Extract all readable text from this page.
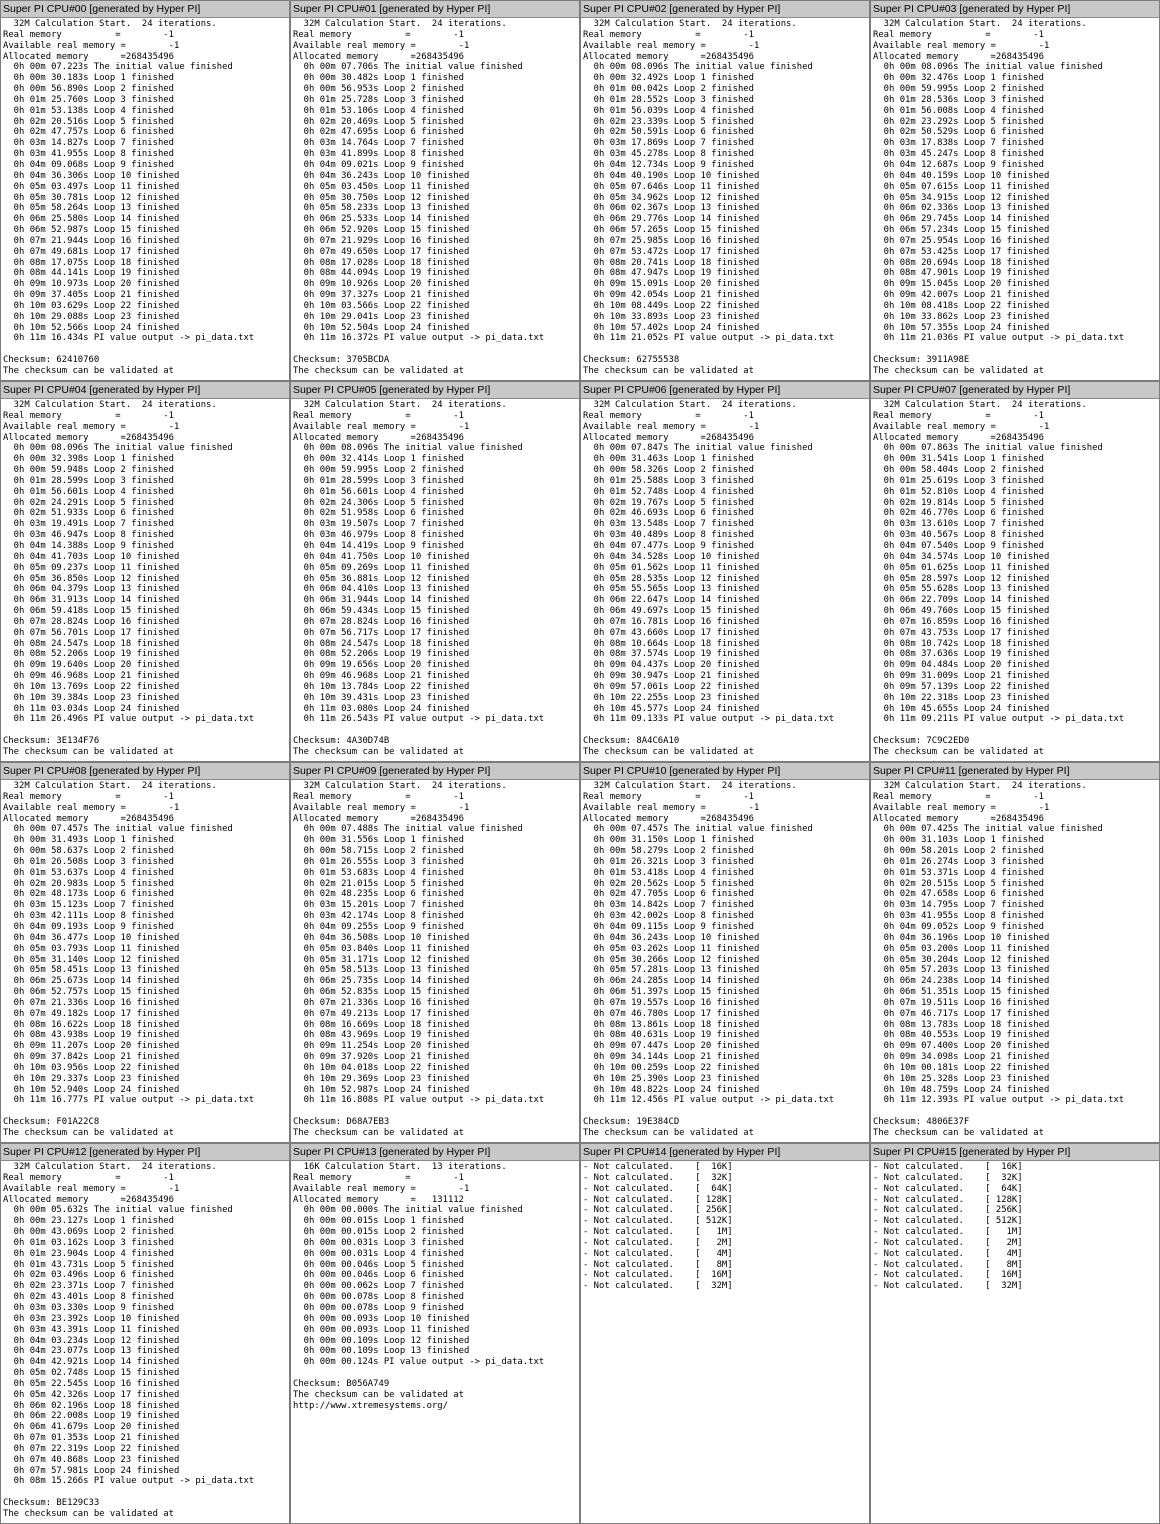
Super PI CPU#00 [generated by Hyper PI]
32M Calculation Start.  24 iterations.
Real memory          =        -1
Available real memory =        -1
Allocated memory      =268435496
0h 00m 07.223s The initial value finished
0h 00m 30.183s Loop 1 finished
0h 00m 56.890s Loop 2 finished
0h 01m 25.760s Loop 3 finished
0h 01m 53.138s Loop 4 finished
0h 02m 20.516s Loop 5 finished
0h 02m 47.757s Loop 6 finished
0h 03m 14.827s Loop 7 finished
0h 03m 41.955s Loop 8 finished
0h 04m 09.068s Loop 9 finished
0h 04m 36.306s Loop 10 finished
0h 05m 03.497s Loop 11 finished
0h 05m 30.781s Loop 12 finished
0h 05m 58.264s Loop 13 finished
0h 06m 25.580s Loop 14 finished
0h 06m 52.987s Loop 15 finished
0h 07m 21.944s Loop 16 finished
0h 07m 49.681s Loop 17 finished
0h 08m 17.075s Loop 18 finished
0h 08m 44.141s Loop 19 finished
0h 09m 10.973s Loop 20 finished
0h 09m 37.405s Loop 21 finished
0h 10m 03.629s Loop 22 finished
0h 10m 29.088s Loop 23 finished
0h 10m 52.566s Loop 24 finished
0h 11m 16.434s PI value output -> pi_data.txt
Checksum: 62410760
The checksum can be validated at
Super PI CPU#01 [generated by Hyper PI]
32M Calculation Start.  24 iterations.
Real memory          =        -1
Available real memory =        -1
Allocated memory      =268435496
0h 00m 07.706s The initial value finished
0h 00m 30.482s Loop 1 finished
0h 00m 56.953s Loop 2 finished
0h 01m 25.728s Loop 3 finished
0h 01m 53.106s Loop 4 finished
0h 02m 20.469s Loop 5 finished
0h 02m 47.695s Loop 6 finished
0h 03m 14.764s Loop 7 finished
0h 03m 41.899s Loop 8 finished
0h 04m 09.021s Loop 9 finished
0h 04m 36.243s Loop 10 finished
0h 05m 03.450s Loop 11 finished
0h 05m 30.750s Loop 12 finished
0h 05m 58.233s Loop 13 finished
0h 06m 25.533s Loop 14 finished
0h 06m 52.920s Loop 15 finished
0h 07m 21.929s Loop 16 finished
0h 07m 49.650s Loop 17 finished
0h 08m 17.028s Loop 18 finished
0h 08m 44.094s Loop 19 finished
0h 09m 10.926s Loop 20 finished
0h 09m 37.327s Loop 21 finished
0h 10m 03.566s Loop 22 finished
0h 10m 29.041s Loop 23 finished
0h 10m 52.504s Loop 24 finished
0h 11m 16.372s PI value output -> pi_data.txt
Checksum: 3705BCDA
The checksum can be validated at
Super PI CPU#02 [generated by Hyper PI]
32M Calculation Start.  24 iterations.
Real memory          =        -1
Available real memory =        -1
Allocated memory      =268435496
0h 00m 08.096s The initial value finished
0h 00m 32.492s Loop 1 finished
0h 01m 00.042s Loop 2 finished
0h 01m 28.552s Loop 3 finished
0h 01m 56.039s Loop 4 finished
0h 02m 23.339s Loop 5 finished
0h 02m 50.591s Loop 6 finished
0h 03m 17.869s Loop 7 finished
0h 03m 45.278s Loop 8 finished
0h 04m 12.734s Loop 9 finished
0h 04m 40.190s Loop 10 finished
0h 05m 07.646s Loop 11 finished
0h 05m 34.962s Loop 12 finished
0h 06m 02.367s Loop 13 finished
0h 06m 29.776s Loop 14 finished
0h 06m 57.265s Loop 15 finished
0h 07m 25.985s Loop 16 finished
0h 07m 53.472s Loop 17 finished
0h 08m 20.741s Loop 18 finished
0h 08m 47.947s Loop 19 finished
0h 09m 15.091s Loop 20 finished
0h 09m 42.054s Loop 21 finished
0h 10m 08.449s Loop 22 finished
0h 10m 33.893s Loop 23 finished
0h 10m 57.402s Loop 24 finished
0h 11m 21.052s PI value output -> pi_data.txt
Checksum: 62755538
The checksum can be validated at
Super PI CPU#03 [generated by Hyper PI]
32M Calculation Start.  24 iterations.
Real memory          =        -1
Available real memory =        -1
Allocated memory      =268435496
0h 00m 08.096s The initial value finished
0h 00m 32.476s Loop 1 finished
0h 00m 59.995s Loop 2 finished
0h 01m 28.536s Loop 3 finished
0h 01m 56.008s Loop 4 finished
0h 02m 23.292s Loop 5 finished
0h 02m 50.529s Loop 6 finished
0h 03m 17.838s Loop 7 finished
0h 03m 45.247s Loop 8 finished
0h 04m 12.687s Loop 9 finished
0h 04m 40.159s Loop 10 finished
0h 05m 07.615s Loop 11 finished
0h 05m 34.915s Loop 12 finished
0h 06m 02.336s Loop 13 finished
0h 06m 29.745s Loop 14 finished
0h 06m 57.234s Loop 15 finished
0h 07m 25.954s Loop 16 finished
0h 07m 53.425s Loop 17 finished
0h 08m 20.694s Loop 18 finished
0h 08m 47.901s Loop 19 finished
0h 09m 15.045s Loop 20 finished
0h 09m 42.007s Loop 21 finished
0h 10m 08.418s Loop 22 finished
0h 10m 33.862s Loop 23 finished
0h 10m 57.355s Loop 24 finished
0h 11m 21.036s PI value output -> pi_data.txt
Checksum: 3911A98E
The checksum can be validated at
Super PI CPU#04 [generated by Hyper PI]
32M Calculation Start.  24 iterations.
Real memory          =        -1
Available real memory =        -1
Allocated memory      =268435496
0h 00m 08.096s The initial value finished
0h 00m 32.398s Loop 1 finished
0h 00m 59.948s Loop 2 finished
0h 01m 28.599s Loop 3 finished
0h 01m 56.601s Loop 4 finished
0h 02m 24.291s Loop 5 finished
0h 02m 51.933s Loop 6 finished
0h 03m 19.491s Loop 7 finished
0h 03m 46.947s Loop 8 finished
0h 04m 14.388s Loop 9 finished
0h 04m 41.703s Loop 10 finished
0h 05m 09.237s Loop 11 finished
0h 05m 36.850s Loop 12 finished
0h 06m 04.379s Loop 13 finished
0h 06m 31.913s Loop 14 finished
0h 06m 59.418s Loop 15 finished
0h 07m 28.824s Loop 16 finished
0h 07m 56.701s Loop 17 finished
0h 08m 24.547s Loop 18 finished
0h 08m 52.206s Loop 19 finished
0h 09m 19.640s Loop 20 finished
0h 09m 46.968s Loop 21 finished
0h 10m 13.769s Loop 22 finished
0h 10m 39.384s Loop 23 finished
0h 11m 03.034s Loop 24 finished
0h 11m 26.496s PI value output -> pi_data.txt
Checksum: 3E134F76
The checksum can be validated at
Super PI CPU#05 [generated by Hyper PI]
32M Calculation Start.  24 iterations.
Real memory          =        -1
Available real memory =        -1
Allocated memory      =268435496
0h 00m 08.096s The initial value finished
0h 00m 32.414s Loop 1 finished
0h 00m 59.995s Loop 2 finished
0h 01m 28.599s Loop 3 finished
0h 01m 56.601s Loop 4 finished
0h 02m 24.306s Loop 5 finished
0h 02m 51.958s Loop 6 finished
0h 03m 19.507s Loop 7 finished
0h 03m 46.979s Loop 8 finished
0h 04m 14.419s Loop 9 finished
0h 04m 41.750s Loop 10 finished
0h 05m 09.269s Loop 11 finished
0h 05m 36.881s Loop 12 finished
0h 06m 04.410s Loop 13 finished
0h 06m 31.944s Loop 14 finished
0h 06m 59.434s Loop 15 finished
0h 07m 28.824s Loop 16 finished
0h 07m 56.717s Loop 17 finished
0h 08m 24.547s Loop 18 finished
0h 08m 52.206s Loop 19 finished
0h 09m 19.656s Loop 20 finished
0h 09m 46.968s Loop 21 finished
0h 10m 13.784s Loop 22 finished
0h 10m 39.431s Loop 23 finished
0h 11m 03.080s Loop 24 finished
0h 11m 26.543s PI value output -> pi_data.txt
Checksum: 4A30D74B
The checksum can be validated at
Super PI CPU#06 [generated by Hyper PI]
32M Calculation Start.  24 iterations.
Real memory          =        -1
Available real memory =        -1
Allocated memory      =268435496
0h 00m 07.847s The initial value finished
0h 00m 31.463s Loop 1 finished
0h 00m 58.326s Loop 2 finished
0h 01m 25.588s Loop 3 finished
0h 01m 52.748s Loop 4 finished
0h 02m 19.767s Loop 5 finished
0h 02m 46.693s Loop 6 finished
0h 03m 13.548s Loop 7 finished
0h 03m 40.489s Loop 8 finished
0h 04m 07.477s Loop 9 finished
0h 04m 34.528s Loop 10 finished
0h 05m 01.562s Loop 11 finished
0h 05m 28.535s Loop 12 finished
0h 05m 55.565s Loop 13 finished
0h 06m 22.647s Loop 14 finished
0h 06m 49.697s Loop 15 finished
0h 07m 16.781s Loop 16 finished
0h 07m 43.660s Loop 17 finished
0h 08m 10.664s Loop 18 finished
0h 08m 37.574s Loop 19 finished
0h 09m 04.437s Loop 20 finished
0h 09m 30.947s Loop 21 finished
0h 09m 57.061s Loop 22 finished
0h 10m 22.255s Loop 23 finished
0h 10m 45.577s Loop 24 finished
0h 11m 09.133s PI value output -> pi_data.txt
Checksum: 8A4C6A10
The checksum can be validated at
Super PI CPU#07 [generated by Hyper PI]
32M Calculation Start.  24 iterations.
Real memory          =        -1
Available real memory =        -1
Allocated memory      =268435496
0h 00m 07.863s The initial value finished
0h 00m 31.541s Loop 1 finished
0h 00m 58.404s Loop 2 finished
0h 01m 25.619s Loop 3 finished
0h 01m 52.810s Loop 4 finished
0h 02m 19.814s Loop 5 finished
0h 02m 46.770s Loop 6 finished
0h 03m 13.610s Loop 7 finished
0h 03m 40.567s Loop 8 finished
0h 04m 07.540s Loop 9 finished
0h 04m 34.574s Loop 10 finished
0h 05m 01.625s Loop 11 finished
0h 05m 28.597s Loop 12 finished
0h 05m 55.628s Loop 13 finished
0h 06m 22.709s Loop 14 finished
0h 06m 49.760s Loop 15 finished
0h 07m 16.859s Loop 16 finished
0h 07m 43.753s Loop 17 finished
0h 08m 10.742s Loop 18 finished
0h 08m 37.636s Loop 19 finished
0h 09m 04.484s Loop 20 finished
0h 09m 31.009s Loop 21 finished
0h 09m 57.139s Loop 22 finished
0h 10m 22.318s Loop 23 finished
0h 10m 45.655s Loop 24 finished
0h 11m 09.211s PI value output -> pi_data.txt
Checksum: 7C9C2ED0
The checksum can be validated at
Super PI CPU#08 [generated by Hyper PI]
32M Calculation Start.  24 iterations.
Real memory          =        -1
Available real memory =        -1
Allocated memory      =268435496
0h 00m 07.457s The initial value finished
0h 00m 31.493s Loop 1 finished
0h 00m 58.637s Loop 2 finished
0h 01m 26.508s Loop 3 finished
0h 01m 53.637s Loop 4 finished
0h 02m 20.983s Loop 5 finished
0h 02m 48.173s Loop 6 finished
0h 03m 15.123s Loop 7 finished
0h 03m 42.111s Loop 8 finished
0h 04m 09.193s Loop 9 finished
0h 04m 36.477s Loop 10 finished
0h 05m 03.793s Loop 11 finished
0h 05m 31.140s Loop 12 finished
0h 05m 58.451s Loop 13 finished
0h 06m 25.673s Loop 14 finished
0h 06m 52.757s Loop 15 finished
0h 07m 21.336s Loop 16 finished
0h 07m 49.182s Loop 17 finished
0h 08m 16.622s Loop 18 finished
0h 08m 43.938s Loop 19 finished
0h 09m 11.207s Loop 20 finished
0h 09m 37.842s Loop 21 finished
0h 10m 03.956s Loop 22 finished
0h 10m 29.337s Loop 23 finished
0h 10m 52.940s Loop 24 finished
0h 11m 16.777s PI value output -> pi_data.txt
Checksum: F01A22C8
The checksum can be validated at
Super PI CPU#09 [generated by Hyper PI]
32M Calculation Start.  24 iterations.
Real memory          =        -1
Available real memory =        -1
Allocated memory      =268435496
0h 00m 07.488s The initial value finished
0h 00m 31.556s Loop 1 finished
0h 00m 58.715s Loop 2 finished
0h 01m 26.555s Loop 3 finished
0h 01m 53.683s Loop 4 finished
0h 02m 21.015s Loop 5 finished
0h 02m 48.235s Loop 6 finished
0h 03m 15.201s Loop 7 finished
0h 03m 42.174s Loop 8 finished
0h 04m 09.255s Loop 9 finished
0h 04m 36.508s Loop 10 finished
0h 05m 03.840s Loop 11 finished
0h 05m 31.171s Loop 12 finished
0h 05m 58.513s Loop 13 finished
0h 06m 25.735s Loop 14 finished
0h 06m 52.835s Loop 15 finished
0h 07m 21.336s Loop 16 finished
0h 07m 49.213s Loop 17 finished
0h 08m 16.669s Loop 18 finished
0h 08m 43.969s Loop 19 finished
0h 09m 11.254s Loop 20 finished
0h 09m 37.920s Loop 21 finished
0h 10m 04.018s Loop 22 finished
0h 10m 29.369s Loop 23 finished
0h 10m 52.987s Loop 24 finished
0h 11m 16.808s PI value output -> pi_data.txt
Checksum: D68A7EB3
The checksum can be validated at
Super PI CPU#10 [generated by Hyper PI]
32M Calculation Start.  24 iterations.
Real memory          =        -1
Available real memory =        -1
Allocated memory      =268435496
0h 00m 07.457s The initial value finished
0h 00m 31.150s Loop 1 finished
0h 00m 58.279s Loop 2 finished
0h 01m 26.321s Loop 3 finished
0h 01m 53.418s Loop 4 finished
0h 02m 20.562s Loop 5 finished
0h 02m 47.705s Loop 6 finished
0h 03m 14.842s Loop 7 finished
0h 03m 42.002s Loop 8 finished
0h 04m 09.115s Loop 9 finished
0h 04m 36.243s Loop 10 finished
0h 05m 03.262s Loop 11 finished
0h 05m 30.266s Loop 12 finished
0h 05m 57.281s Loop 13 finished
0h 06m 24.285s Loop 14 finished
0h 06m 51.397s Loop 15 finished
0h 07m 19.557s Loop 16 finished
0h 07m 46.780s Loop 17 finished
0h 08m 13.861s Loop 18 finished
0h 08m 40.631s Loop 19 finished
0h 09m 07.447s Loop 20 finished
0h 09m 34.144s Loop 21 finished
0h 10m 00.259s Loop 22 finished
0h 10m 25.390s Loop 23 finished
0h 10m 48.822s Loop 24 finished
0h 11m 12.456s PI value output -> pi_data.txt
Checksum: 19E384CD
The checksum can be validated at
Super PI CPU#11 [generated by Hyper PI]
32M Calculation Start.  24 iterations.
Real memory          =        -1
Available real memory =        -1
Allocated memory      =268435496
0h 00m 07.425s The initial value finished
0h 00m 31.103s Loop 1 finished
0h 00m 58.201s Loop 2 finished
0h 01m 26.274s Loop 3 finished
0h 01m 53.371s Loop 4 finished
0h 02m 20.515s Loop 5 finished
0h 02m 47.658s Loop 6 finished
0h 03m 14.795s Loop 7 finished
0h 03m 41.955s Loop 8 finished
0h 04m 09.052s Loop 9 finished
0h 04m 36.196s Loop 10 finished
0h 05m 03.200s Loop 11 finished
0h 05m 30.204s Loop 12 finished
0h 05m 57.203s Loop 13 finished
0h 06m 24.238s Loop 14 finished
0h 06m 51.351s Loop 15 finished
0h 07m 19.511s Loop 16 finished
0h 07m 46.717s Loop 17 finished
0h 08m 13.783s Loop 18 finished
0h 08m 40.553s Loop 19 finished
0h 09m 07.400s Loop 20 finished
0h 09m 34.098s Loop 21 finished
0h 10m 00.181s Loop 22 finished
0h 10m 25.328s Loop 23 finished
0h 10m 48.759s Loop 24 finished
0h 11m 12.393s PI value output -> pi_data.txt
Checksum: 4806E37F
The checksum can be validated at
Super PI CPU#12 [generated by Hyper PI]
32M Calculation Start.  24 iterations.
Real memory          =        -1
Available real memory =        -1
Allocated memory      =268435496
0h 00m 05.632s The initial value finished
0h 00m 23.127s Loop 1 finished
0h 00m 43.069s Loop 2 finished
0h 01m 03.162s Loop 3 finished
0h 01m 23.904s Loop 4 finished
0h 01m 43.731s Loop 5 finished
0h 02m 03.496s Loop 6 finished
0h 02m 23.371s Loop 7 finished
0h 02m 43.401s Loop 8 finished
0h 03m 03.330s Loop 9 finished
0h 03m 23.392s Loop 10 finished
0h 03m 43.391s Loop 11 finished
0h 04m 03.234s Loop 12 finished
0h 04m 23.077s Loop 13 finished
0h 04m 42.921s Loop 14 finished
0h 05m 02.748s Loop 15 finished
0h 05m 22.545s Loop 16 finished
0h 05m 42.326s Loop 17 finished
0h 06m 02.196s Loop 18 finished
0h 06m 22.008s Loop 19 finished
0h 06m 41.679s Loop 20 finished
0h 07m 01.353s Loop 21 finished
0h 07m 22.319s Loop 22 finished
0h 07m 40.868s Loop 23 finished
0h 07m 57.981s Loop 24 finished
0h 08m 15.266s PI value output -> pi_data.txt
Checksum: BE129C33
The checksum can be validated at
Super PI CPU#13 [generated by Hyper PI]
16K Calculation Start.  13 iterations.
Real memory          =        -1
Available real memory =        -1
Allocated memory      =   131112
0h 00m 00.000s The initial value finished
0h 00m 00.015s Loop 1 finished
0h 00m 00.015s Loop 2 finished
0h 00m 00.031s Loop 3 finished
0h 00m 00.031s Loop 4 finished
0h 00m 00.046s Loop 5 finished
0h 00m 00.046s Loop 6 finished
0h 00m 00.062s Loop 7 finished
0h 00m 00.078s Loop 8 finished
0h 00m 00.078s Loop 9 finished
0h 00m 00.093s Loop 10 finished
0h 00m 00.093s Loop 11 finished
0h 00m 00.109s Loop 12 finished
0h 00m 00.109s Loop 13 finished
0h 00m 00.124s PI value output -> pi_data.txt
Checksum: B056A749
The checksum can be validated at
http://www.xtremesystems.org/
Super PI CPU#14 [generated by Hyper PI]
- Not calculated.    [  16K]
- Not calculated.    [  32K]
- Not calculated.    [  64K]
- Not calculated.    [ 128K]
- Not calculated.    [ 256K]
- Not calculated.    [ 512K]
- Not calculated.    [   1M]
- Not calculated.    [   2M]
- Not calculated.    [   4M]
- Not calculated.    [   8M]
- Not calculated.    [  16M]
- Not calculated.    [  32M]
Super PI CPU#15 [generated by Hyper PI]
- Not calculated.    [  16K]
- Not calculated.    [  32K]
- Not calculated.    [  64K]
- Not calculated.    [ 128K]
- Not calculated.    [ 256K]
- Not calculated.    [ 512K]
- Not calculated.    [   1M]
- Not calculated.    [   2M]
- Not calculated.    [   4M]
- Not calculated.    [   8M]
- Not calculated.    [  16M]
- Not calculated.    [  32M]
